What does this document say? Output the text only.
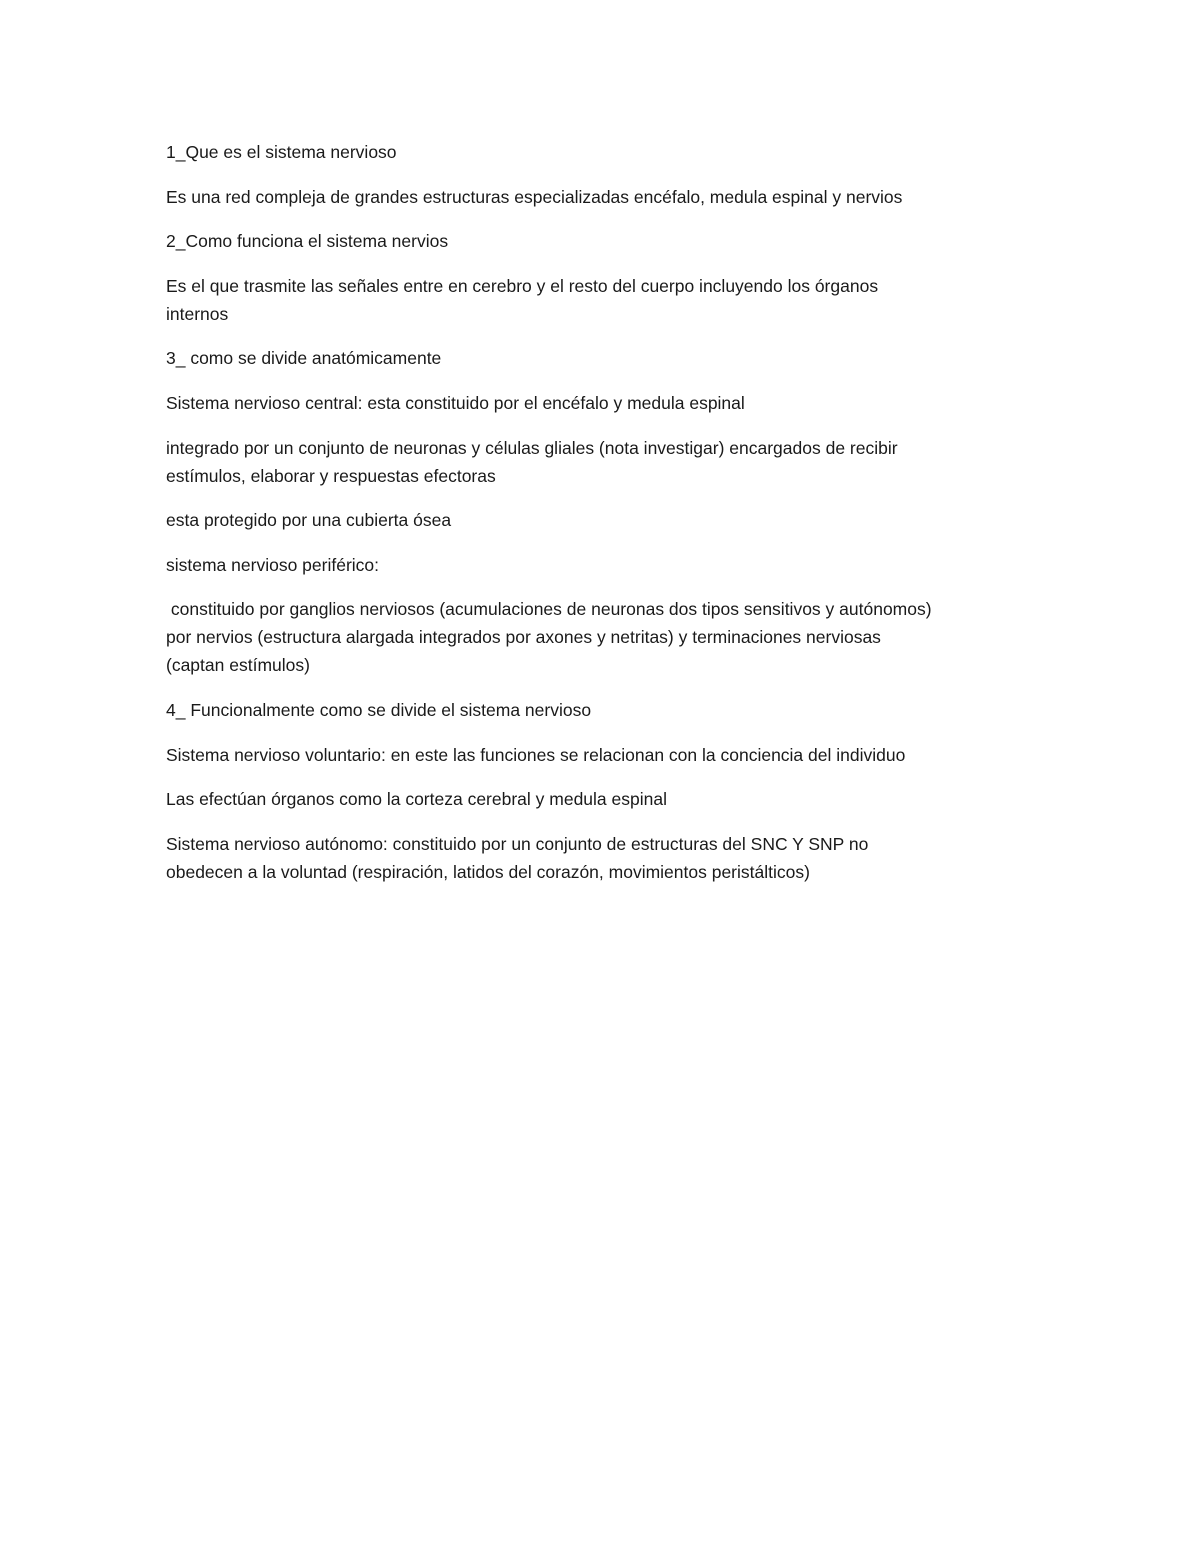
1_Que es el sistema nervioso

Es una red compleja de grandes estructuras especializadas encéfalo, medula espinal y nervios

2_Como funciona el sistema nervios

Es el que trasmite las señales entre en cerebro y el resto del cuerpo incluyendo los órganos
internos

3_ como se divide anatómicamente

Sistema nervioso central: esta constituido por el encéfalo y medula espinal

integrado por un conjunto de neuronas y células gliales (nota investigar) encargados de recibir
estímulos, elaborar y respuestas efectoras

esta protegido por una cubierta ósea

sistema nervioso periférico:

constituido por ganglios nerviosos (acumulaciones de neuronas dos tipos sensitivos y autónomos)
por nervios (estructura alargada integrados por axones y netritas) y terminaciones nerviosas
(captan estímulos)

4_ Funcionalmente como se divide el sistema nervioso

Sistema nervioso voluntario: en este las funciones se relacionan con la conciencia del individuo

Las efectúan órganos como la corteza cerebral y medula espinal

Sistema nervioso autónomo: constituido por un conjunto de estructuras del SNC Y SNP no
obedecen a la voluntad (respiración, latidos del corazón, movimientos peristálticos)
